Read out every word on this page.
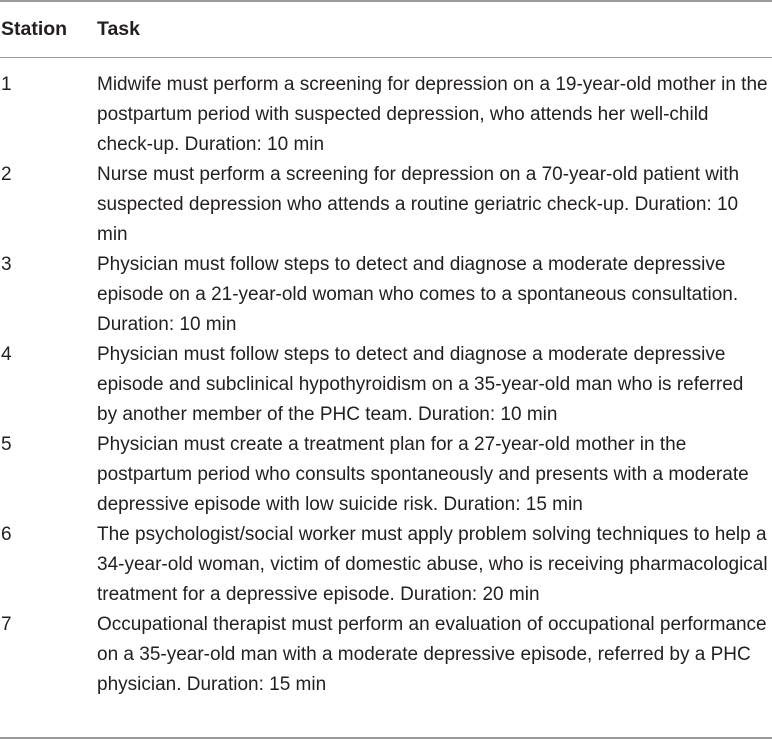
Station	Task
1	Midwife must perform a screening for depression on a 19-year-old mother in the postpartum period with suspected depression, who attends her well-child check-up. Duration: 10 min
2	Nurse must perform a screening for depression on a 70-year-old patient with suspected depression who attends a routine geriatric check-up. Duration: 10 min
3	Physician must follow steps to detect and diagnose a moderate depressive episode on a 21-year-old woman who comes to a spontaneous consultation. Duration: 10 min
4	Physician must follow steps to detect and diagnose a moderate depressive episode and subclinical hypothyroidism on a 35-year-old man who is referred by another member of the PHC team. Duration: 10 min
5	Physician must create a treatment plan for a 27-year-old mother in the postpartum period who consults spontaneously and presents with a moderate depressive episode with low suicide risk. Duration: 15 min
6	The psychologist/social worker must apply problem solving techniques to help a 34-year-old woman, victim of domestic abuse, who is receiving pharmacological treatment for a depressive episode. Duration: 20 min
7	Occupational therapist must perform an evaluation of occupational performance on a 35-year-old man with a moderate depressive episode, referred by a PHC physician. Duration: 15 min
